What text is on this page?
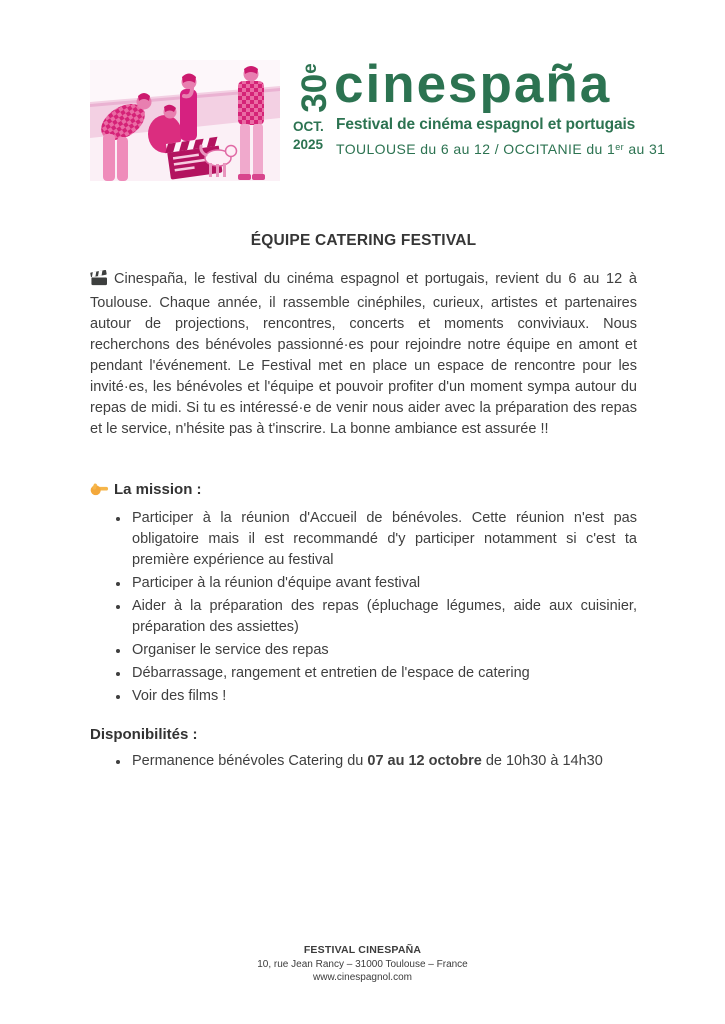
30e cinespaña
OCT.
2025
Festival de cinéma espagnol et portugais
TOULOUSE du 6 au 12 / OCCITANIE du 1er au 31
ÉQUIPE CATERING FESTIVAL

Cinespaña, le festival du cinéma espagnol et portugais, revient du 6 au 12 à Toulouse. Chaque année, il rassemble cinéphiles, curieux, artistes et partenaires autour de projections, rencontres, concerts et moments conviviaux. Nous recherchons des bénévoles passionné·es pour rejoindre notre équipe en amont et pendant l'événement. Le Festival met en place un espace de rencontre pour les invité·es, les bénévoles et l'équipe et pouvoir profiter d'un moment sympa autour du repas de midi. Si tu es intéressé·e de venir nous aider avec la préparation des repas et le service, n'hésite pas à t'inscrire. La bonne ambiance est assurée !!

La mission :
• Participer à la réunion d'Accueil de bénévoles. Cette réunion n'est pas obligatoire mais il est recommandé d'y participer notamment si c'est ta première expérience au festival
• Participer à la réunion d'équipe avant festival
• Aider à la préparation des repas (épluchage légumes, aide aux cuisinier, préparation des assiettes)
• Organiser le service des repas
• Débarrassage, rangement et entretien de l'espace de catering
• Voir des films !
Disponibilités :
• Permanence bénévoles Catering du 07 au 12 octobre de 10h30 à 14h30
FESTIVAL CINESPAÑA
10, rue Jean Rancy – 31000 Toulouse – France
www.cinespagnol.com
